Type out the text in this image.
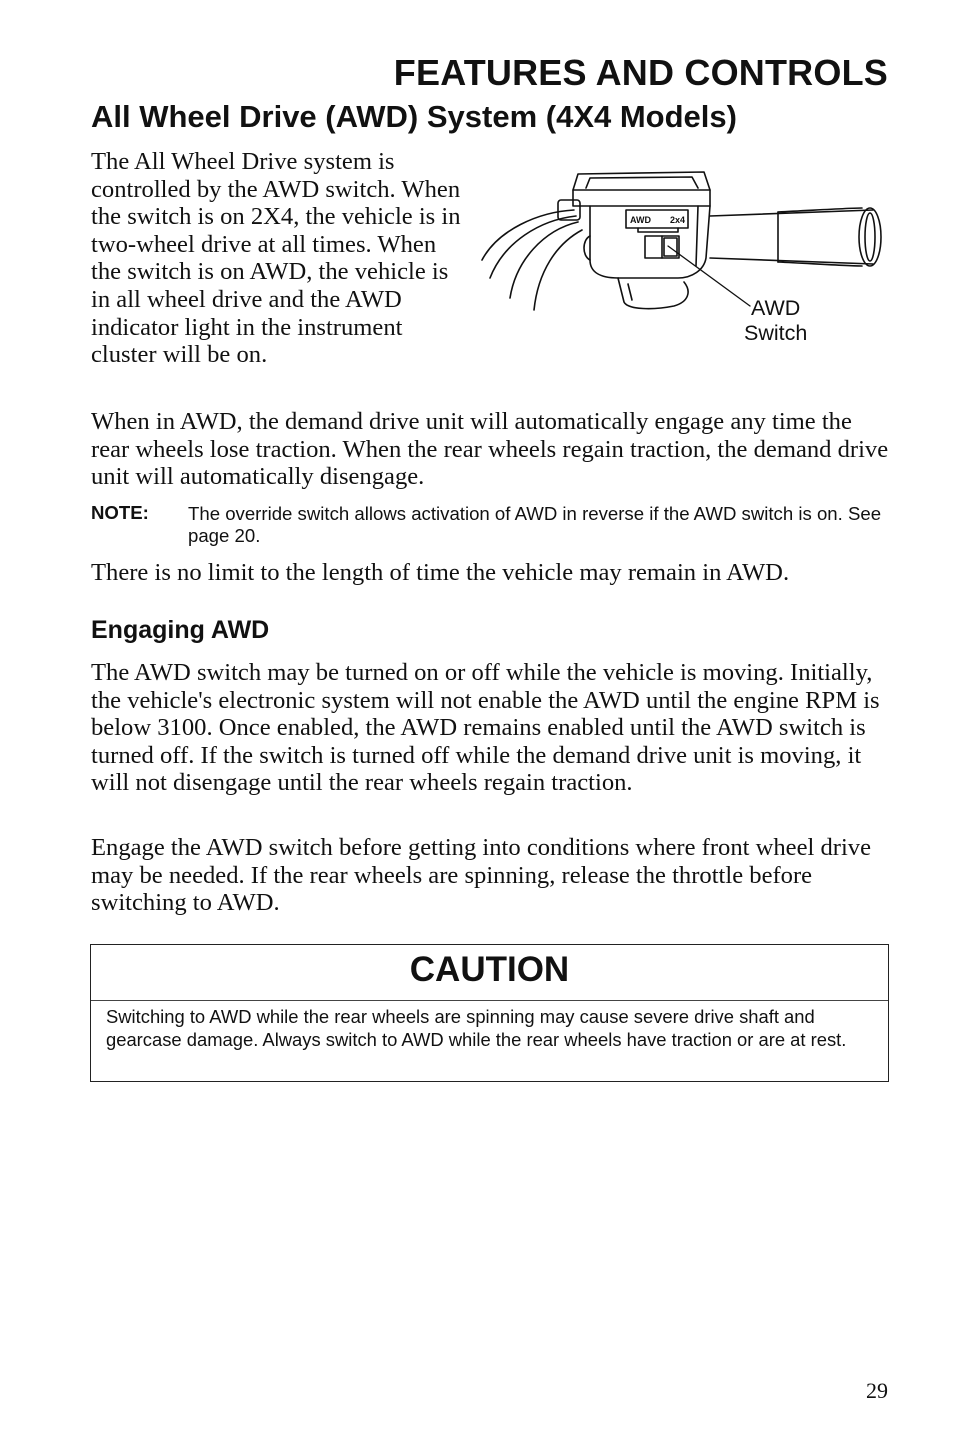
FEATURES AND CONTROLS
All Wheel Drive (AWD) System (4X4 Models)
The All Wheel Drive system is controlled by the AWD switch. When the switch is on 2X4, the vehicle is in two-wheel drive at all times. When the switch is on AWD, the vehicle is in all wheel drive and the AWD indicator light in the instrument cluster will be on.
AWD 2x4
AWD
Switch
When in AWD, the demand drive unit will automatically engage any time the rear wheels lose traction. When the rear wheels regain traction, the demand drive unit will automatically disengage.
NOTE: The override switch allows activation of AWD in reverse if the AWD switch is on. See page 20.
There is no limit to the length of time the vehicle may remain in AWD.
Engaging AWD
The AWD switch may be turned on or off while the vehicle is moving. Initially, the vehicle's electronic system will not enable the AWD until the engine RPM is below 3100. Once enabled, the AWD remains enabled until the AWD switch is turned off. If the switch is turned off while the demand drive unit is moving, it will not disengage until the rear wheels regain traction.
Engage the AWD switch before getting into conditions where front wheel drive may be needed. If the rear wheels are spinning, release the throttle before switching to AWD.
CAUTION
Switching to AWD while the rear wheels are spinning may cause severe drive shaft and gearcase damage. Always switch to AWD while the rear wheels have traction or are at rest.
29
